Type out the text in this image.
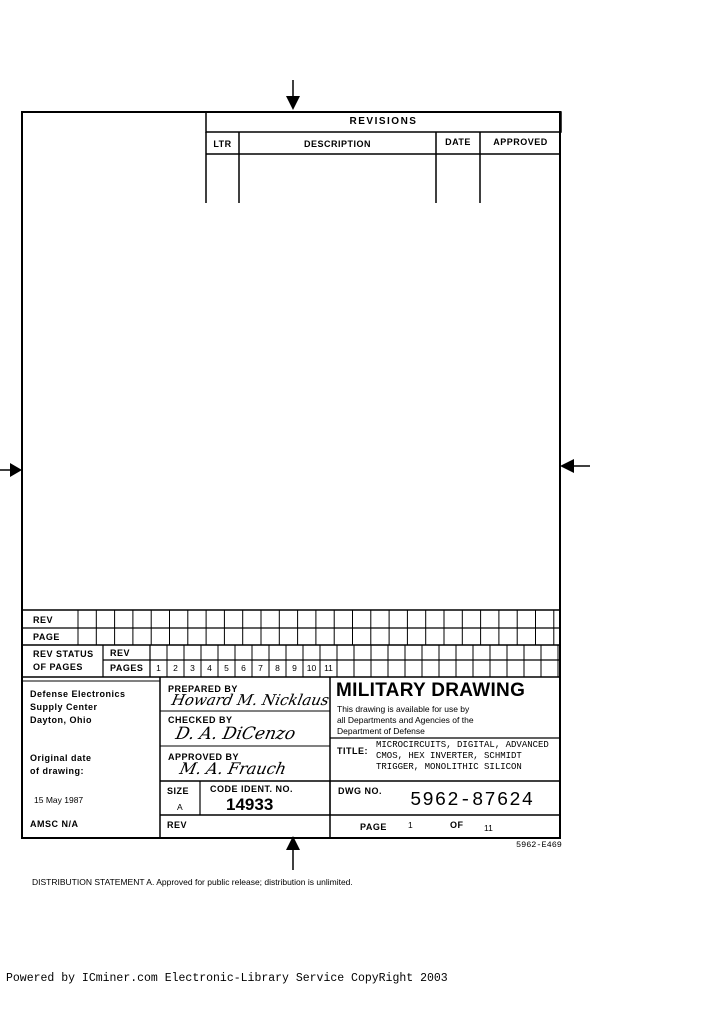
REVISIONS
LTR	DESCRIPTION	DATE	APPROVED
REV
PAGE
REV STATUS
OF PAGES
REV
PAGES	1	2	3	4	5	6	7	8	9	10 11
Defense Electronics
Supply Center
Dayton, Ohio
Original date
of drawing:
15 May 1987
AMSC N/A
PREPARED BY
Howard M. Nicklaus
CHECKED BY
D. A. DiCenzo
APPROVED BY
M. A. Frauch
MILITARY DRAWING
This drawing is available for use by
all Departments and Agencies of the
Department of Defense
TITLE:
MICROCIRCUITS, DIGITAL, ADVANCED
CMOS, HEX INVERTER, SCHMIDT
TRIGGER, MONOLITHIC SILICON
SIZE
A
CODE IDENT. NO.
14933
DWG NO. 5962-87624
REV	PAGE 1	OF 11
5962-E469
DISTRIBUTION STATEMENT A. Approved for public release; distribution is unlimited.
Powered by ICminer.com Electronic-Library Service CopyRight 2003
